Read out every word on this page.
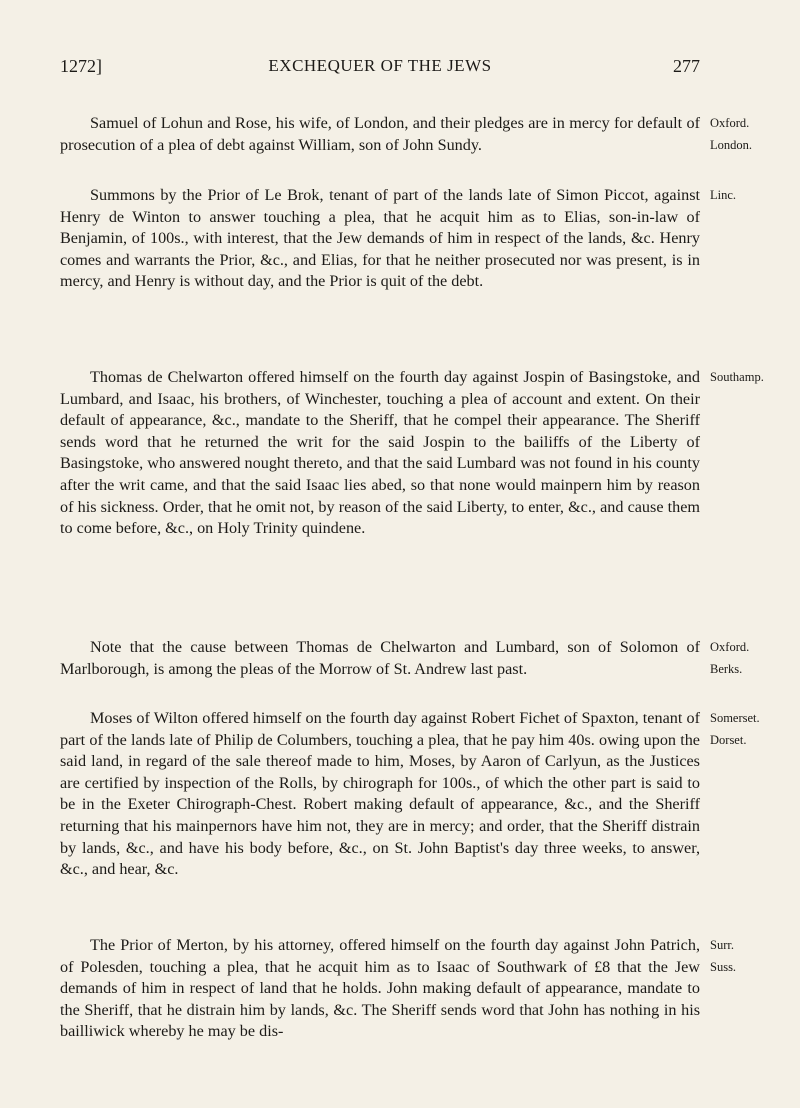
1272]	EXCHEQUER OF THE JEWS	277

Samuel of Lohun and Rose, his wife, of London, and their pledges are in mercy for default of prosecution of a plea of debt against William, son of John Sundy.

Oxford.
London.

Summons by the Prior of Le Brok, tenant of part of the lands late of Simon Piccot, against Henry de Winton to answer touching a plea, that he acquit him as to Elias, son-in-law of Benjamin, of 100s., with interest, that the Jew demands of him in respect of the lands, &c. Henry comes and warrants the Prior, &c., and Elias, for that he neither prosecuted nor was present, is in mercy, and Henry is without day, and the Prior is quit of the debt.

Linc.

Thomas de Chelwarton offered himself on the fourth day against Jospin of Basingstoke, and Lumbard, and Isaac, his brothers, of Winchester, touching a plea of account and extent. On their default of appearance, &c., mandate to the Sheriff, that he compel their appearance. The Sheriff sends word that he returned the writ for the said Jospin to the bailiffs of the Liberty of Basingstoke, who answered nought thereto, and that the said Lumbard was not found in his county after the writ came, and that the said Isaac lies abed, so that none would mainpern him by reason of his sickness. Order, that he omit not, by reason of the said Liberty, to enter, &c., and cause them to come before, &c., on Holy Trinity quindene.

Southamp.

Note that the cause between Thomas de Chelwarton and Lumbard, son of Solomon of Marlborough, is among the pleas of the Morrow of St. Andrew last past.

Oxford.
Berks.

Moses of Wilton offered himself on the fourth day against Robert Fichet of Spaxton, tenant of part of the lands late of Philip de Columbers, touching a plea, that he pay him 40s. owing upon the said land, in regard of the sale thereof made to him, Moses, by Aaron of Carlyun, as the Justices are certified by inspection of the Rolls, by chirograph for 100s., of which the other part is said to be in the Exeter Chirograph-Chest. Robert making default of appearance, &c., and the Sheriff returning that his mainpernors have him not, they are in mercy; and order, that the Sheriff distrain by lands, &c., and have his body before, &c., on St. John Baptist's day three weeks, to answer, &c., and hear, &c.

Somerset.
Dorset.

The Prior of Merton, by his attorney, offered himself on the fourth day against John Patrich, of Polesden, touching a plea, that he acquit him as to Isaac of Southwark of £8 that the Jew demands of him in respect of land that he holds. John making default of appearance, mandate to the Sheriff, that he distrain him by lands, &c. The Sheriff sends word that John has nothing in his bailliwick whereby he may be dis-

Surr.
Suss.
